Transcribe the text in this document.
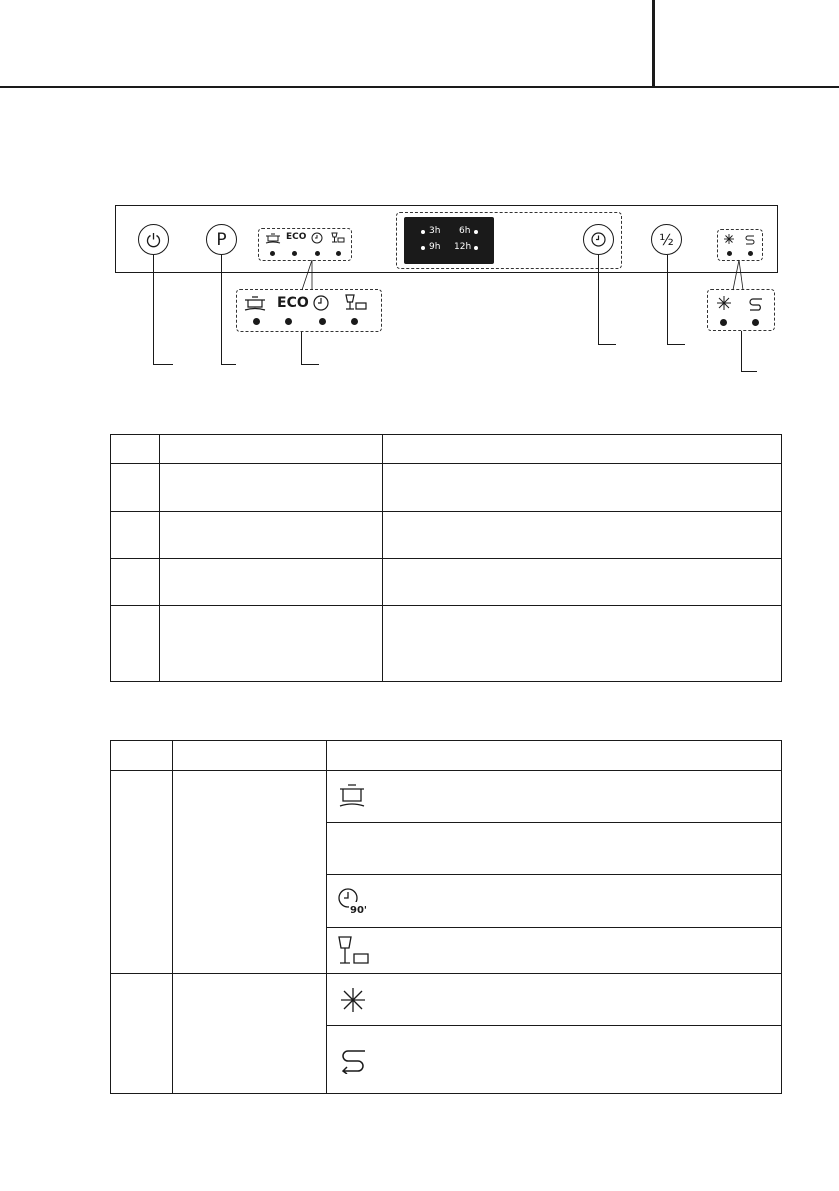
P	ECO
3h 6h
9h 12h	½
ECO

90'
